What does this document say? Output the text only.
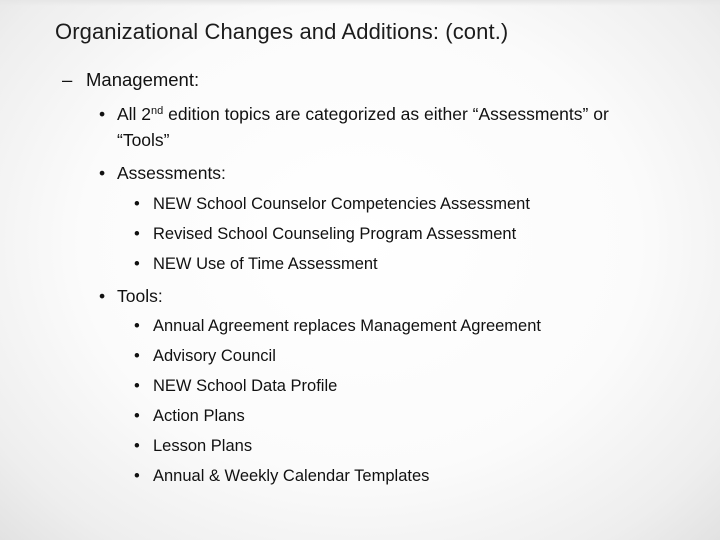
Organizational Changes and Additions: (cont.)
– Management:
• All 2nd edition topics are categorized as either “Assessments” or
“Tools”
• Assessments:
• NEW School Counselor Competencies Assessment
• Revised School Counseling Program Assessment
• NEW Use of Time Assessment
• Tools:
• Annual Agreement replaces Management Agreement
• Advisory Council
• NEW School Data Profile
• Action Plans
• Lesson Plans
• Annual & Weekly Calendar Templates
